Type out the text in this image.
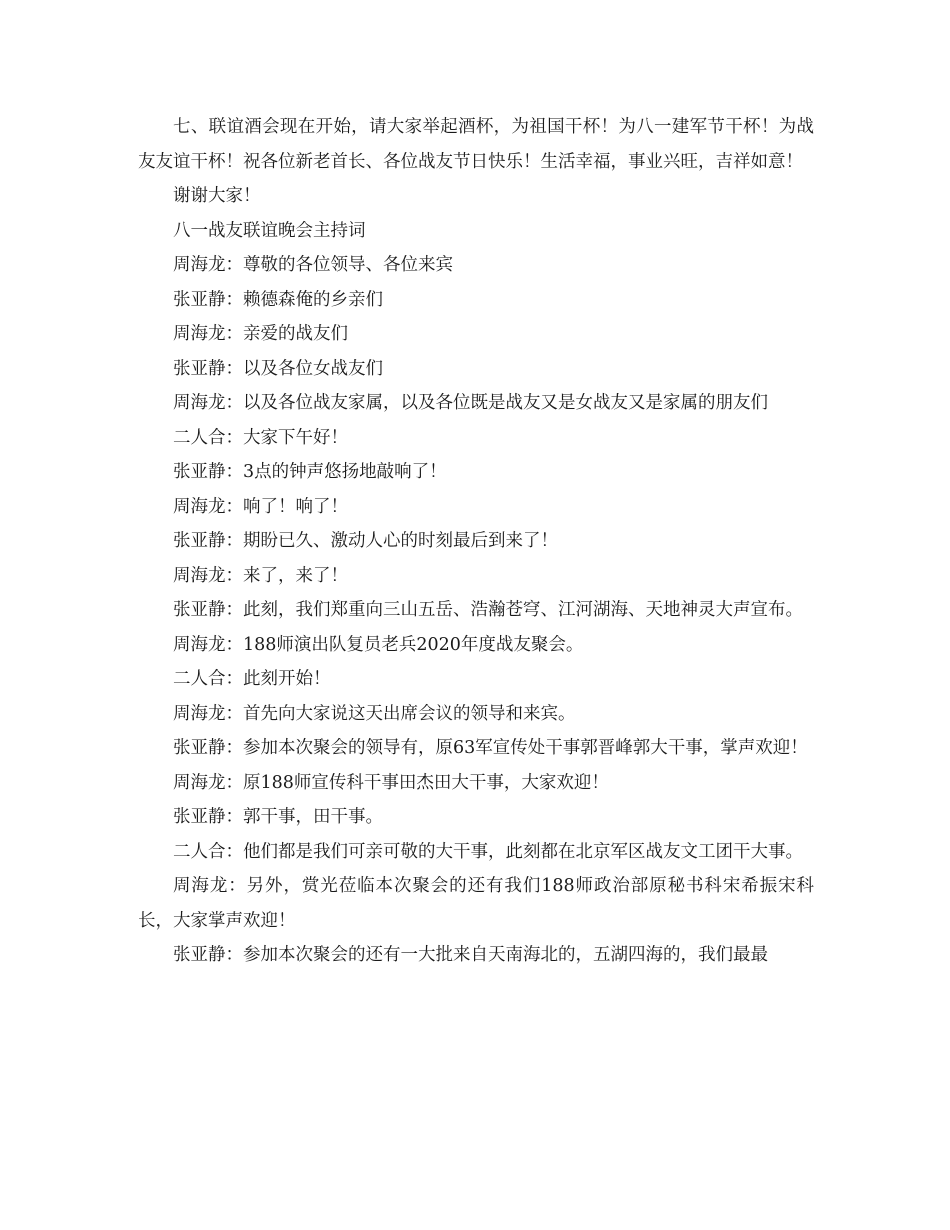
七、联谊酒会现在开始，请大家举起酒杯，为祖国干杯！为八一建军节干杯！为战友友谊干杯！祝各位新老首长、各位战友节日快乐！生活幸福，事业兴旺，吉祥如意！

谢谢大家！

八一战友联谊晚会主持词

周海龙：尊敬的各位领导、各位来宾

张亚静：赖德森俺的乡亲们

周海龙：亲爱的战友们

张亚静：以及各位女战友们

周海龙：以及各位战友家属，以及各位既是战友又是女战友又是家属的朋友们

二人合：大家下午好！

张亚静：3点的钟声悠扬地敲响了！

周海龙：响了！响了！

张亚静：期盼已久、激动人心的时刻最后到来了！

周海龙：来了，来了！

张亚静：此刻，我们郑重向三山五岳、浩瀚苍穹、江河湖海、天地神灵大声宣布。

周海龙：188师演出队复员老兵2020年度战友聚会。

二人合：此刻开始！

周海龙：首先向大家说这天出席会议的领导和来宾。

张亚静：参加本次聚会的领导有，原63军宣传处干事郭晋峰郭大干事，掌声欢迎！

周海龙：原188师宣传科干事田杰田大干事，大家欢迎！

张亚静：郭干事，田干事。

二人合：他们都是我们可亲可敬的大干事，此刻都在北京军区战友文工团干大事。

周海龙：另外，赏光莅临本次聚会的还有我们188师政治部原秘书科宋希振宋科长，大家掌声欢迎！

张亚静：参加本次聚会的还有一大批来自天南海北的，五湖四海的，我们最最
